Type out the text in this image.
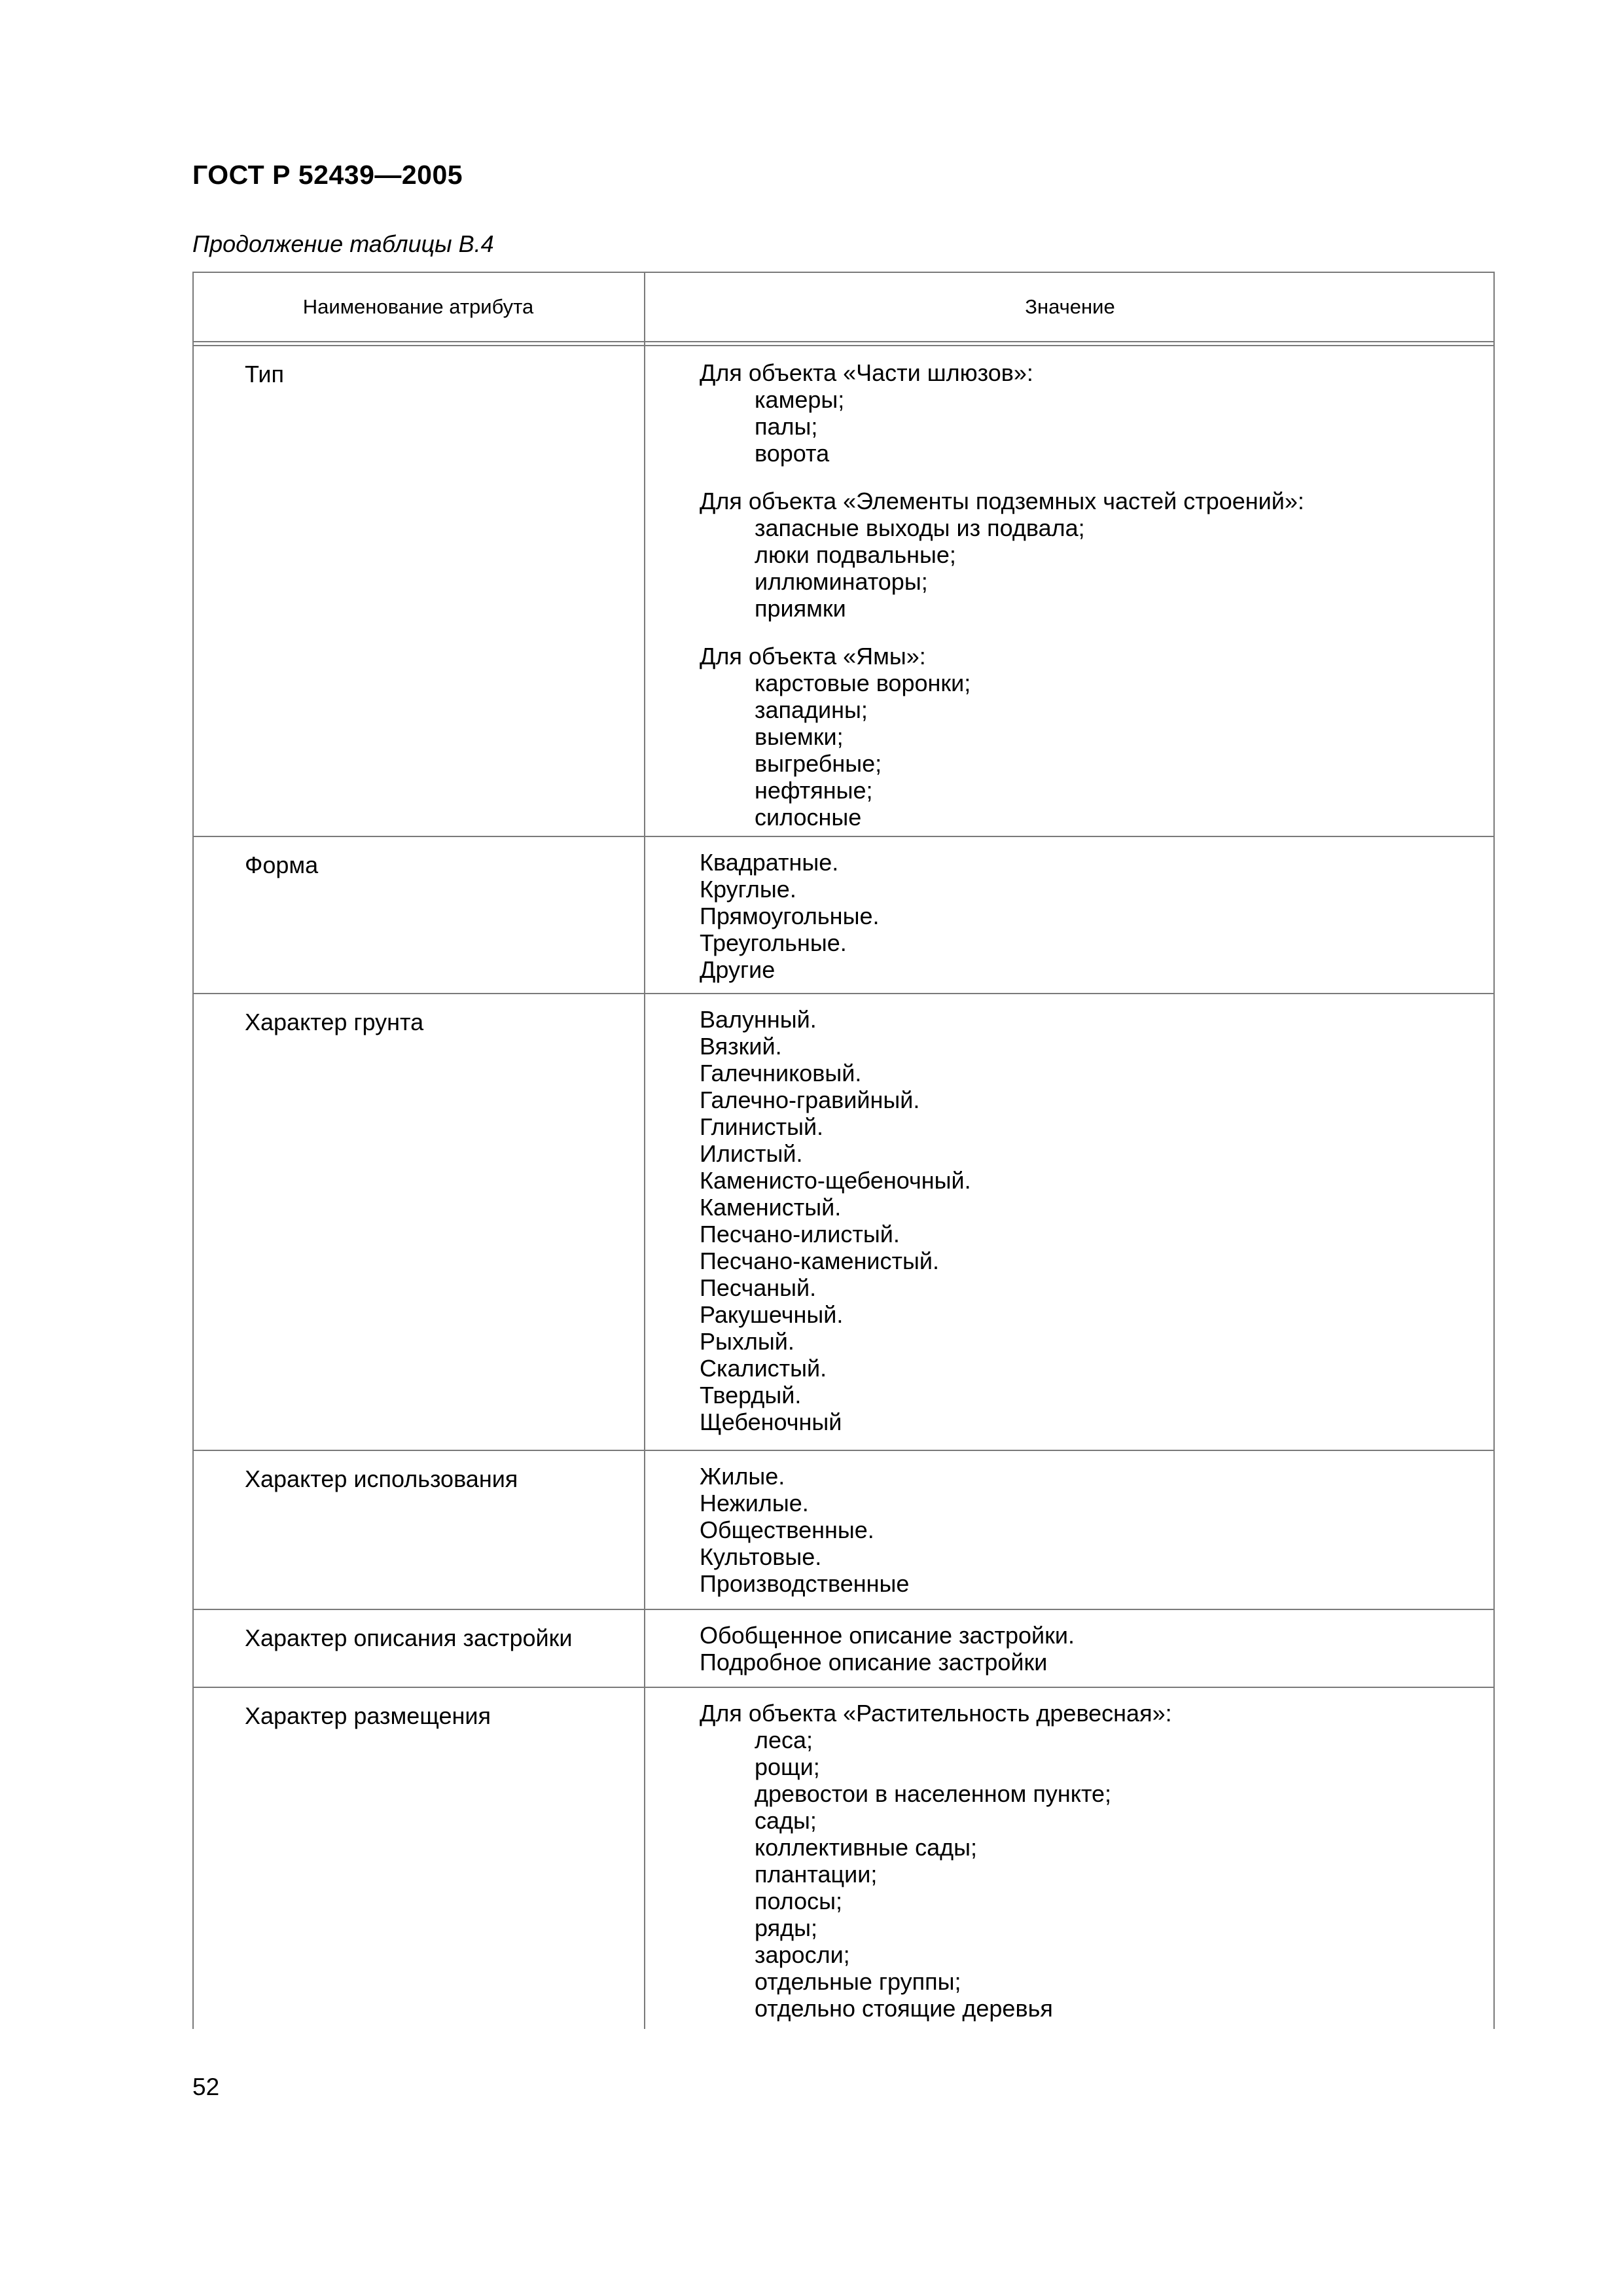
ГОСТ Р 52439—2005
Продолжение таблицы В.4
Наименование атрибута	Значение
Тип	Для объекта «Части шлюзов»:
камеры;
палы;
ворота
Для объекта «Элементы подземных частей строений»:
запасные выходы из подвала;
люки подвальные;
иллюминаторы;
приямки
Для объекта «Ямы»:
карстовые воронки;
западины;
выемки;
выгребные;
нефтяные;
силосные
Форма	Квадратные.
Круглые.
Прямоугольные.
Треугольные.
Другие
Характер грунта	Валунный.
Вязкий.
Галечниковый.
Галечно-гравийный.
Глинистый.
Илистый.
Каменисто-щебеночный.
Каменистый.
Песчано-илистый.
Песчано-каменистый.
Песчаный.
Ракушечный.
Рыхлый.
Скалистый.
Твердый.
Щебеночный
Характер использования	Жилые.
Нежилые.
Общественные.
Культовые.
Производственные
Характер описания застройки	Обобщенное описание застройки.
Подробное описание застройки
Характер размещения	Для объекта «Растительность древесная»:
леса;
рощи;
древостои в населенном пункте;
сады;
коллективные сады;
плантации;
полосы;
ряды;
заросли;
отдельные группы;
отдельно стоящие деревья
52
